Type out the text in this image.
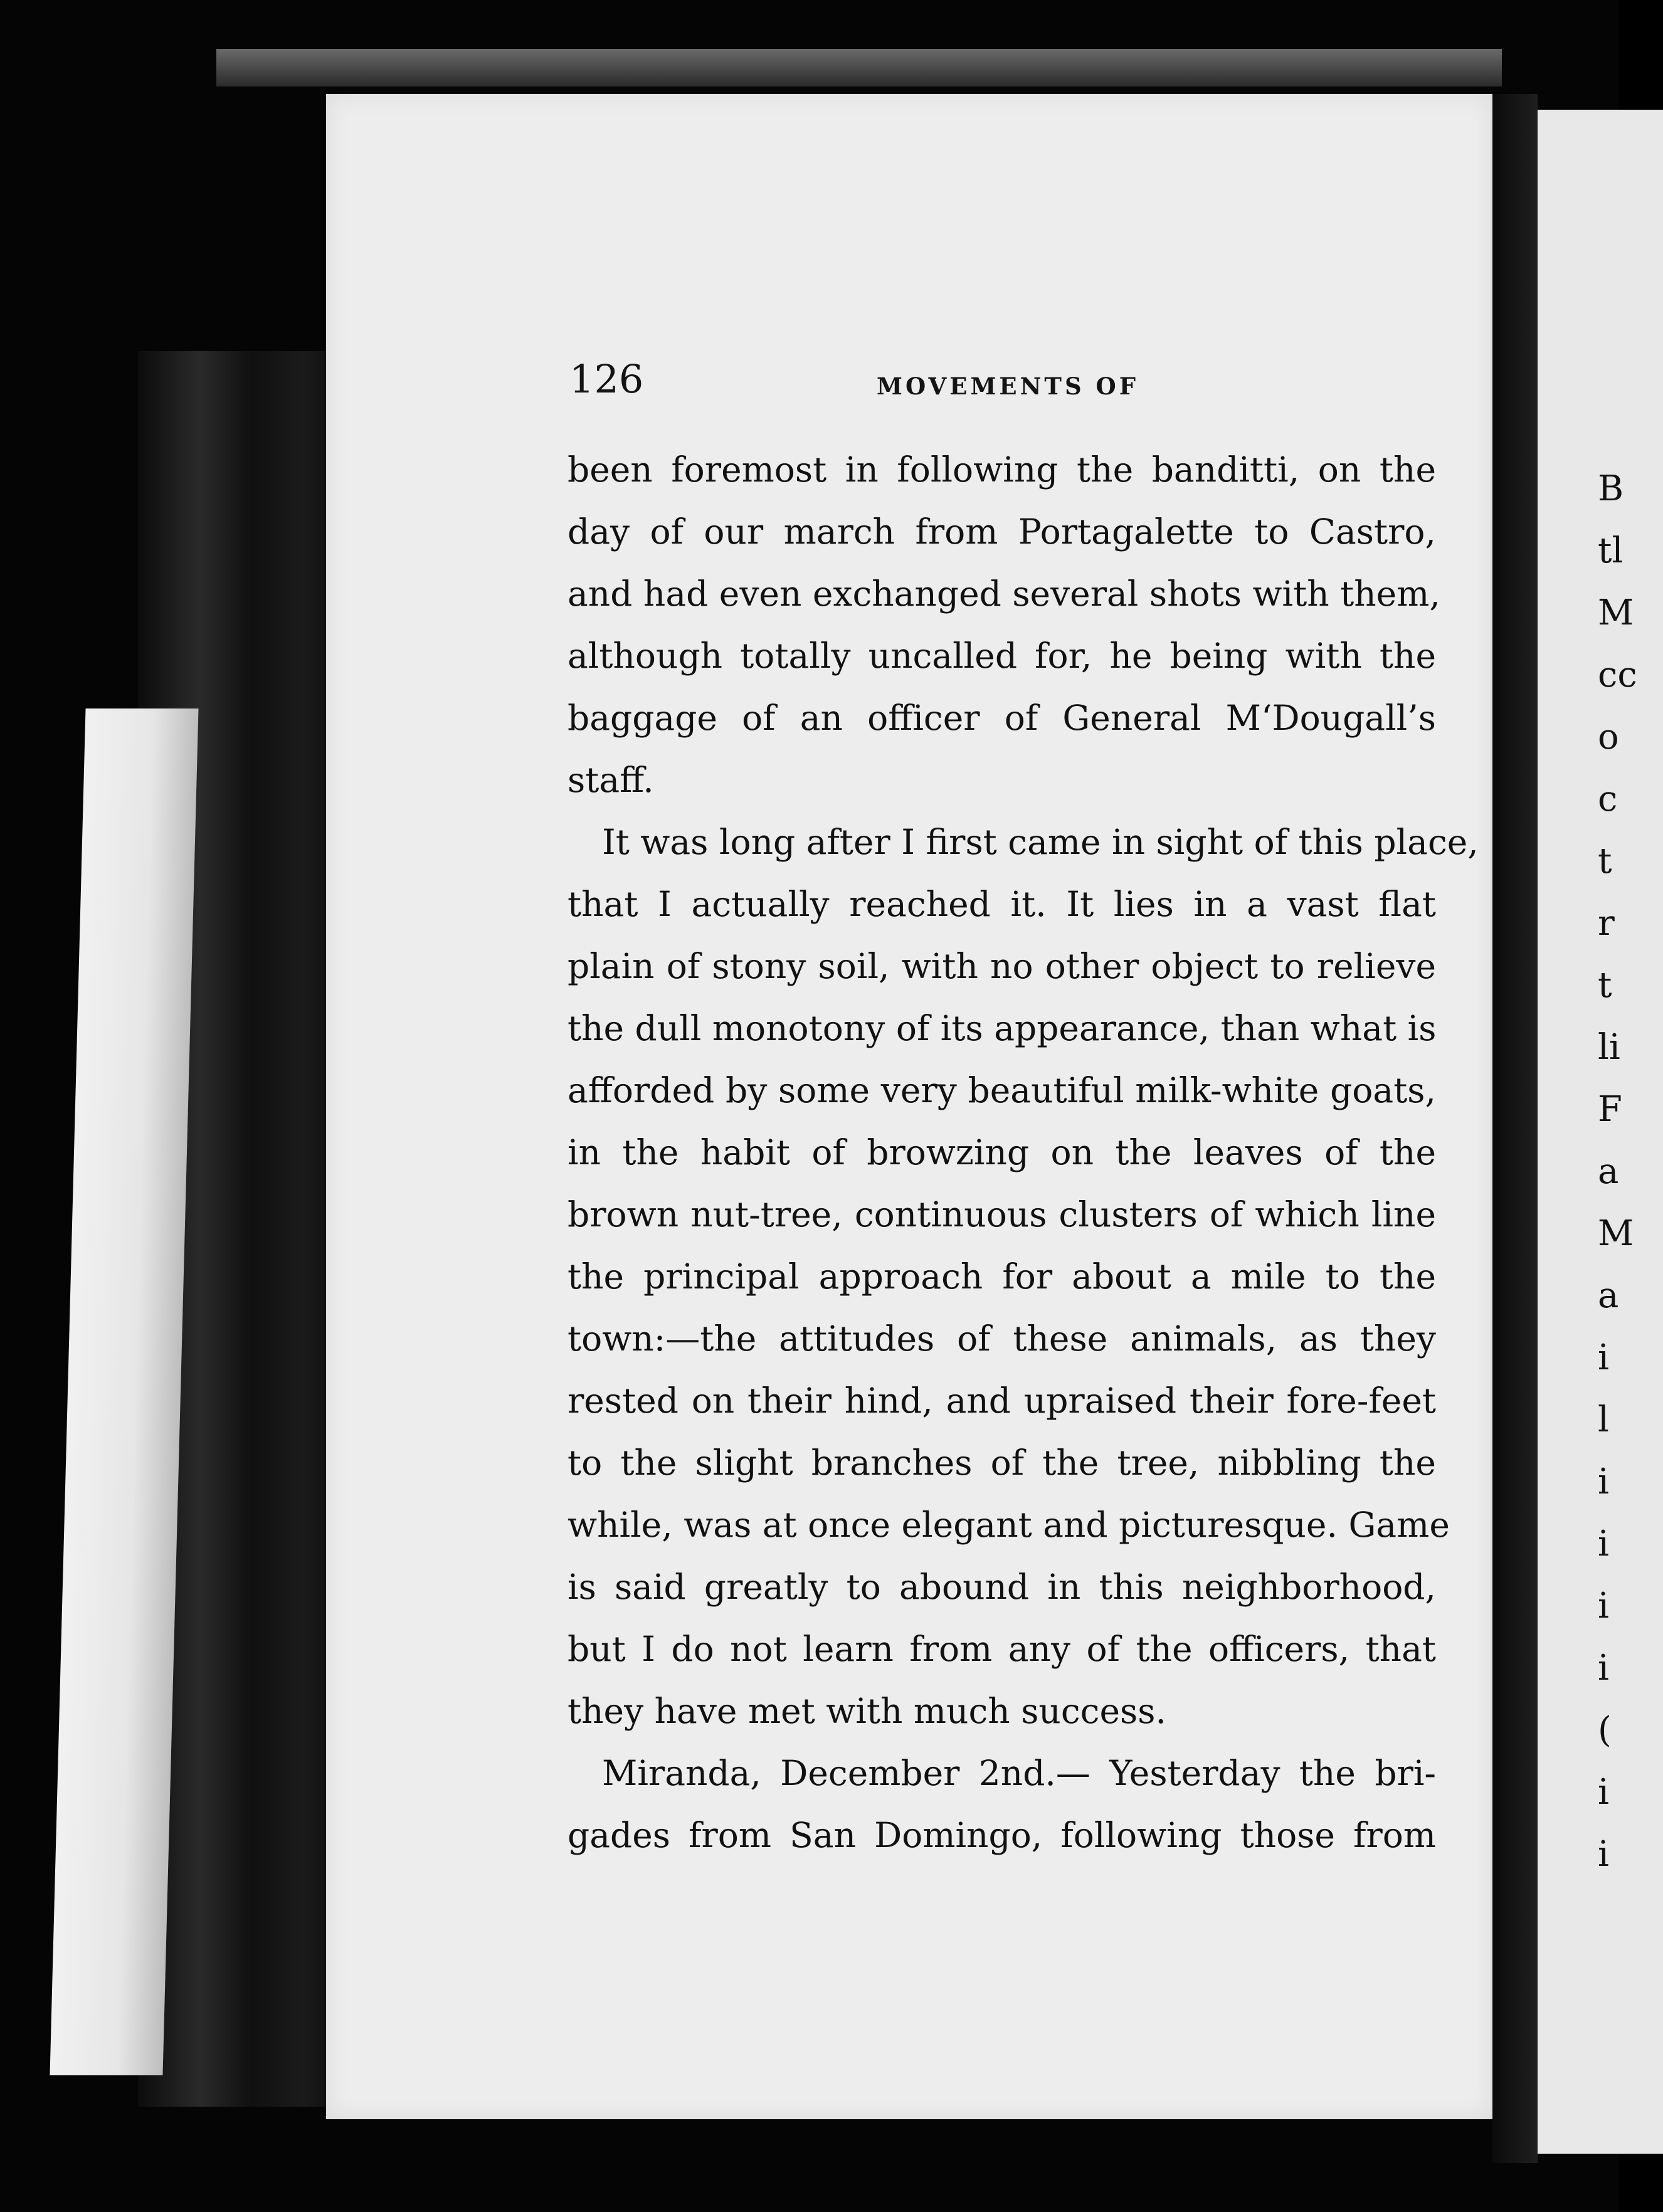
B
tl
M
cc
o
c
t
r
t
li
F
a
M
a
i
l
i
i
i
i
(
i
i
126	MOVEMENTS OF
been foremost in following the banditti, on the
day of our march from Portagalette to Castro,
and had even exchanged several shots with them,
although totally uncalled for, he being with the
baggage of an officer of General M‘Dougall’s
staff.
It was long after I first came in sight of this place,
that I actually reached it. It lies in a vast flat
plain of stony soil, with no other object to relieve
the dull monotony of its appearance, than what is
afforded by some very beautiful milk-white goats,
in the habit of browzing on the leaves of the
brown nut-tree, continuous clusters of which line
the principal approach for about a mile to the
town:—the attitudes of these animals, as they
rested on their hind, and upraised their fore-feet
to the slight branches of the tree, nibbling the
while, was at once elegant and picturesque. Game
is said greatly to abound in this neighborhood,
but I do not learn from any of the officers, that
they have met with much success.
Miranda, December 2nd.— Yesterday the bri-
gades from San Domingo, following those from
